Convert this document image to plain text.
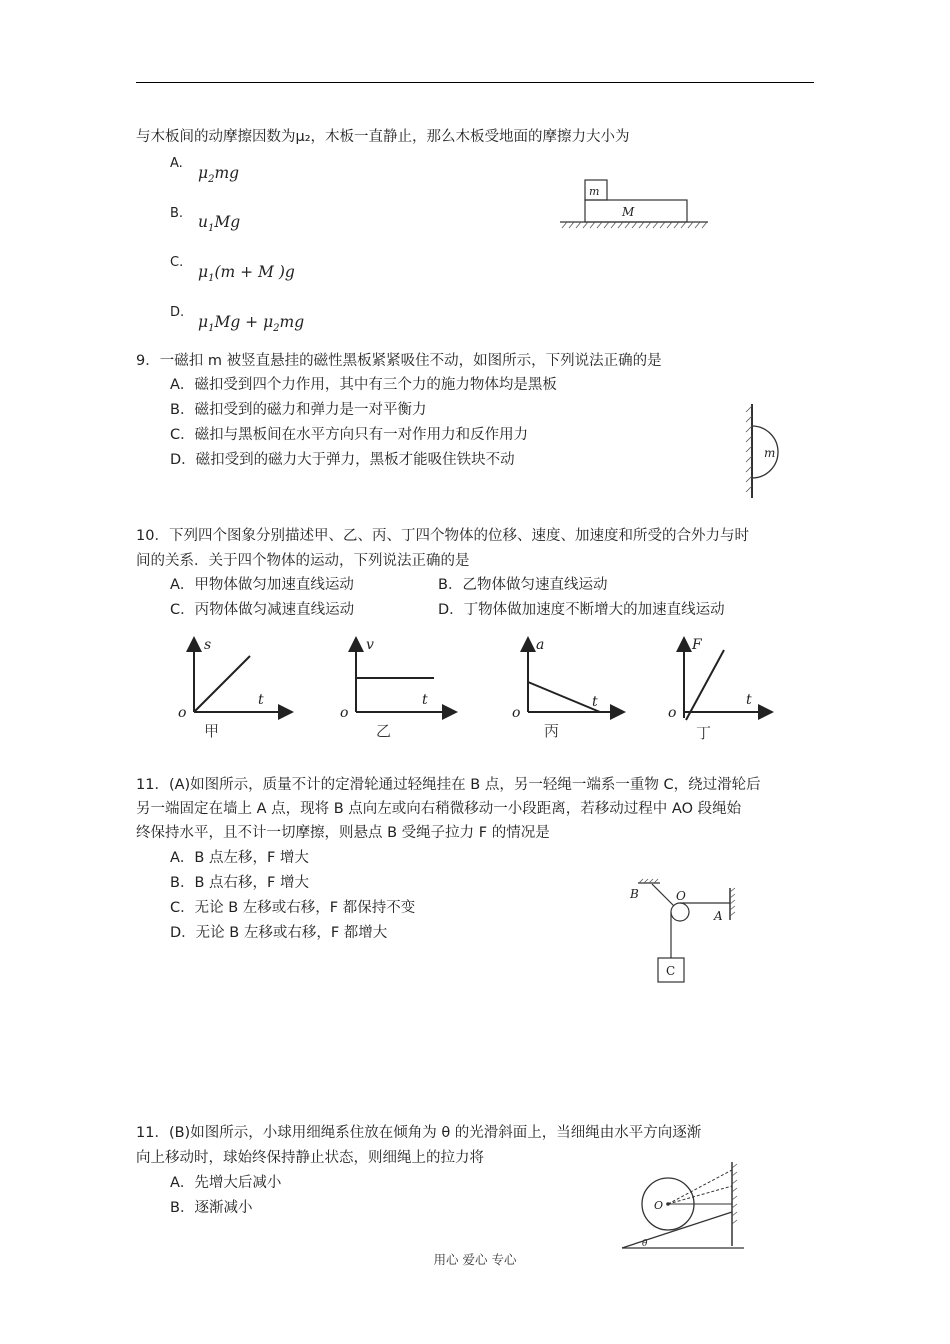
与木板间的动摩擦因数为μ₂，木板一直静止，那么木板受地面的摩擦力大小为
A.
$\mu_2mg$
B. $u_1Mg$
C.
$\mu_1(m + M$ )g
D.
$\mu_1Mg + \mu_2mg$
m
M
9．一磁扣 m 被竖直悬挂的磁性黑板紧紧吸住不动，如图所示，下列说法正确的是
A．磁扣受到四个力作用，其中有三个力的施力物体均是黑板
B．磁扣受到的磁力和弹力是一对平衡力
C．磁扣与黑板间在水平方向只有一对作用力和反作用力
D．磁扣受到的磁力大于弹力，黑板才能吸住铁块不动	m
10．下列四个图象分别描述甲、乙、丙、丁四个物体的位移、速度、加速度和所受的合外力与时
间的关系．关于四个物体的运动，下列说法正确的是
A．甲物体做匀加速直线运动	B．乙物体做匀速直线运动
C．丙物体做匀减速直线运动	D．丁物体做加速度不断增大的加速直线运动
s
t
o
甲
v
t
o
乙
a
t
o
丙
F
t
o
丁
11．(A)如图所示，质量不计的定滑轮通过轻绳挂在 B 点，另一轻绳一端系一重物 C，绕过滑轮后
另一端固定在墙上 A 点，现将 B 点向左或向右稍微移动一小段距离，若移动过程中 AO 段绳始
终保持水平，且不计一切摩擦，则悬点 B 受绳子拉力 F 的情况是
A．B 点左移，F 增大
B．B 点右移，F 增大
C．无论 B 左移或右移，F 都保持不变
D．无论 B 左移或右移，F 都增大
B	O
A
C
11．(B)如图所示，小球用细绳系住放在倾角为 θ 的光滑斜面上，当细绳由水平方向逐渐
向上移动时，球始终保持静止状态，则细绳上的拉力将
A．先增大后减小
B．逐渐减小	O
θ
用心 爱心 专心
